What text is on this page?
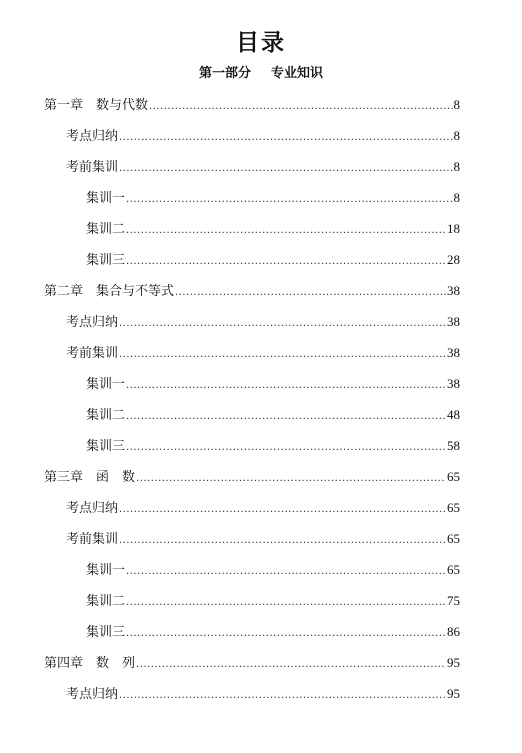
目录
第一部分 专业知识
第一章　数与代数 .....	8
考点归纳 .....	8
考前集训 .....	8
集训一 .....	8
集训二 .....	18
集训三 .....	28
第二章　集合与不等式 .....	38
考点归纳 .....	38
考前集训 .....	38
集训一 .....	38
集训二 .....	48
集训三 .....	58
第三章　函　数 .....	65
考点归纳 .....	65
考前集训 .....	65
集训一 .....	65
集训二 .....	75
集训三 .....	86
第四章　数　列 .....	95
考点归纳 .....	95
